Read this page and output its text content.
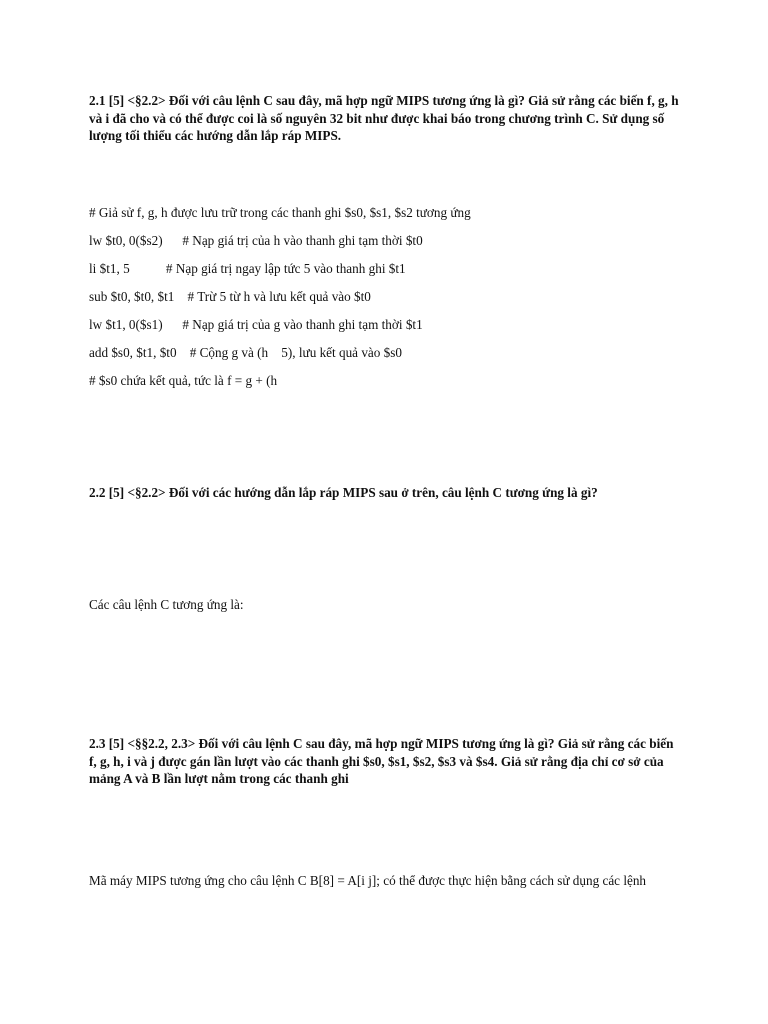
2.1 [5] <§2.2> Đối với câu lệnh C sau đây, mã hợp ngữ MIPS tương ứng là gì? Giả sử rằng các biến f, g, h và i đã cho và có thể được coi là số nguyên 32 bit như được khai báo trong chương trình C. Sử dụng số lượng tối thiểu các hướng dẫn lắp ráp MIPS.

# Giả sử f, g, h được lưu trữ trong các thanh ghi $s0, $s1, $s2 tương ứng

lw $t0, 0($s2)      # Nạp giá trị của h vào thanh ghi tạm thời $t0

li $t1, 5           # Nạp giá trị ngay lập tức 5 vào thanh ghi $t1

sub $t0, $t0, $t1    # Trừ 5 từ h và lưu kết quả vào $t0

lw $t1, 0($s1)      # Nạp giá trị của g vào thanh ghi tạm thời $t1

add $s0, $t1, $t0    # Cộng g và (h    5), lưu kết quả vào $s0

# $s0 chứa kết quả, tức là f = g + (h

2.2 [5] <§2.2> Đối với các hướng dẫn lắp ráp MIPS sau ở trên, câu lệnh C tương ứng là gì?

Các câu lệnh C tương ứng là:

2.3 [5] <§§2.2, 2.3> Đối với câu lệnh C sau đây, mã hợp ngữ MIPS tương ứng là gì? Giả sử rằng các biến f, g, h, i và j được gán lần lượt vào các thanh ghi $s0, $s1, $s2, $s3 và $s4. Giả sử rằng địa chỉ cơ sở của mảng A và B lần lượt nằm trong các thanh ghi

Mã máy MIPS tương ứng cho câu lệnh C B[8] = A[i j]; có thể được thực hiện bằng cách sử dụng các lệnh
